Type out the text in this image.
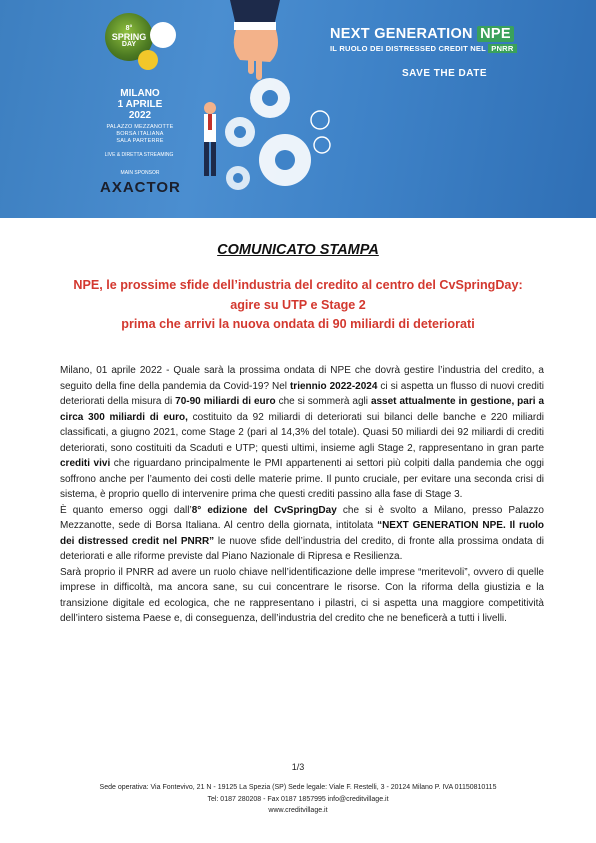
8°
SPRING
DAY
MILANO
1 APRILE
2022
PALAZZO MEZZANOTTE
BORSA ITALIANA
SALA PARTERRE
LIVE & DIRETTA STREAMING
MAIN SPONSOR
AXACTOR
NEXT GENERATION NPE
IL RUOLO DEI DISTRESSED CREDIT NEL PNRR
SAVE THE DATE
COMUNICATO STAMPA
NPE, le prossime sfide dell’industria del credito al centro del CvSpringDay:
agire su UTP e Stage 2
prima che arrivi la nuova ondata di 90 miliardi di deteriorati

Milano, 01 aprile 2022 - Quale sarà la prossima ondata di NPE che dovrà gestire l’industria del credito, a seguito della fine della pandemia da Covid-19? Nel triennio 2022-2024 ci si aspetta un flusso di nuovi crediti deteriorati della misura di 70-90 miliardi di euro che si sommerà agli asset attualmente in gestione, pari a circa 300 miliardi di euro, costituito da 92 miliardi di deteriorati sui bilanci delle banche e 220 miliardi classificati, a giugno 2021, come Stage 2 (pari al 14,3% del totale). Quasi 50 miliardi dei 92 miliardi di crediti deteriorati, sono costituiti da Scaduti e UTP; questi ultimi, insieme agli Stage 2, rappresentano in gran parte crediti vivi che riguardano principalmente le PMI appartenenti ai settori più colpiti dalla pandemia che oggi soffrono anche per l’aumento dei costi delle materie prime. Il punto cruciale, per evitare una seconda crisi di sistema, è proprio quello di intervenire prima che questi crediti passino alla fase di Stage 3.

È quanto emerso oggi dall’8° edizione del CvSpringDay che si è svolto a Milano, presso Palazzo Mezzanotte, sede di Borsa Italiana. Al centro della giornata, intitolata “NEXT GENERATION NPE. Il ruolo dei distressed credit nel PNRR” le nuove sfide dell’industria del credito, di fronte alla prossima ondata di deteriorati e alle riforme previste dal Piano Nazionale di Ripresa e Resilienza.

Sarà proprio il PNRR ad avere un ruolo chiave nell’identificazione delle imprese “meritevoli”, ovvero di quelle imprese in difficoltà, ma ancora sane, su cui concentrare le risorse. Con la riforma della giustizia e la transizione digitale ed ecologica, che ne rappresentano i pilastri, ci si aspetta una maggiore competitività dell’intero sistema Paese e, di conseguenza, dell’industria del credito che ne beneficerà a tutti i livelli.

1/3
Sede operativa: Via Fontevivo, 21 N - 19125 La Spezia (SP) Sede legale: Viale F. Restelli, 3 - 20124 Milano P. IVA 01150810115
Tel: 0187 280208 - Fax 0187 1857995 info@creditvillage.it
www.creditvillage.it
